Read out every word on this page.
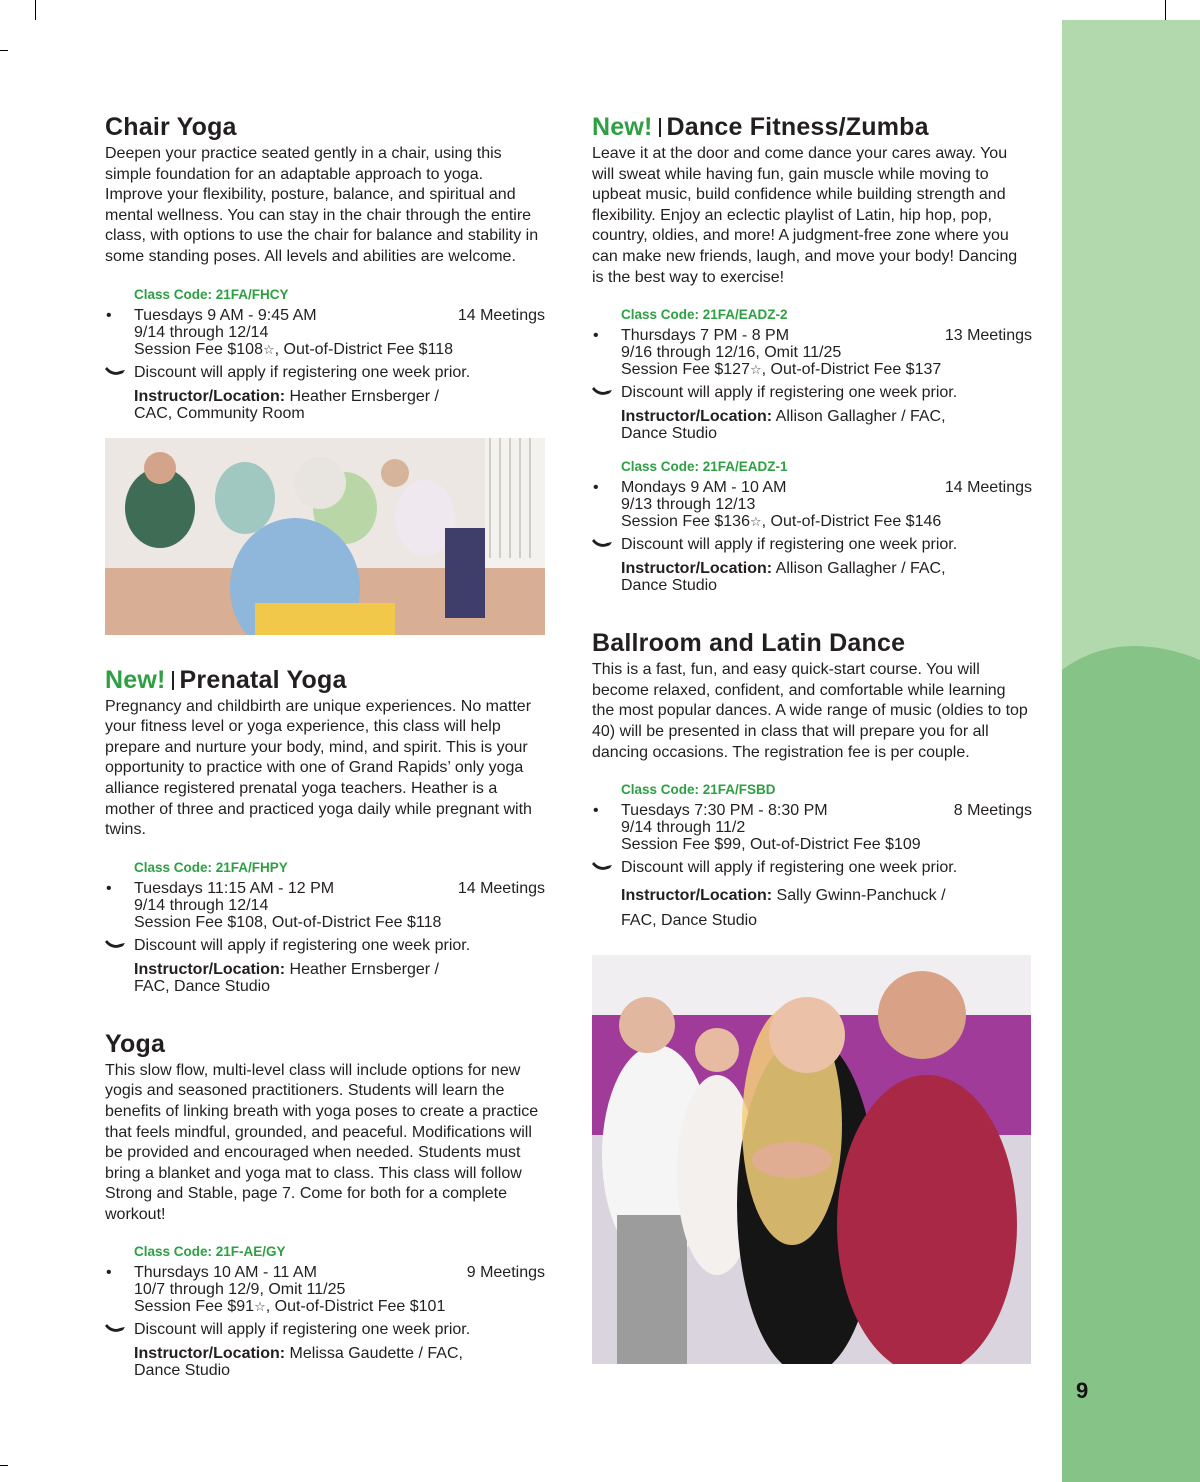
9
Chair Yoga

Deepen your practice seated gently in a chair, using this simple foundation for an adaptable approach to yoga. Improve your flexibility, posture, balance, and spiritual and mental wellness. You can stay in the chair through the entire class, with options to use the chair for balance and stability in some standing poses. All levels and abilities are welcome.

Class Code: 21FA/FHCY
• Tuesdays 9 AM - 9:45 AM	14 Meetings
9/14 through 12/14
Session Fee $108☆, Out-of-District Fee $118
Discount will apply if registering one week prior.
Instructor/Location: Heather Ernsberger /
CAC, Community Room
New! Prenatal Yoga

Pregnancy and childbirth are unique experiences. No matter your fitness level or yoga experience, this class will help prepare and nurture your body, mind, and spirit. This is your opportunity to practice with one of Grand Rapids’ only yoga alliance registered prenatal yoga teachers. Heather is a mother of three and practiced yoga daily while pregnant with twins.

Class Code: 21FA/FHPY
• Tuesdays 11:15 AM - 12 PM	14 Meetings
9/14 through 12/14
Session Fee $108, Out-of-District Fee $118
Discount will apply if registering one week prior.
Instructor/Location: Heather Ernsberger /
FAC, Dance Studio
Yoga

This slow flow, multi-level class will include options for new yogis and seasoned practitioners. Students will learn the benefits of linking breath with yoga poses to create a practice that feels mindful, grounded, and peaceful. Modifications will be provided and encouraged when needed. Students must bring a blanket and yoga mat to class. This class will follow Strong and Stable, page 7. Come for both for a complete workout!

Class Code: 21F-AE/GY
• Thursdays 10 AM - 11 AM	9 Meetings
10/7 through 12/9, Omit 11/25
Session Fee $91☆, Out-of-District Fee $101
Discount will apply if registering one week prior.
Instructor/Location: Melissa Gaudette / FAC,
Dance Studio
New! Dance Fitness/Zumba

Leave it at the door and come dance your cares away. You will sweat while having fun, gain muscle while moving to upbeat music, build confidence while building strength and flexibility. Enjoy an eclectic playlist of Latin, hip hop, pop, country, oldies, and more! A judgment-free zone where you can make new friends, laugh, and move your body! Dancing is the best way to exercise!

Class Code: 21FA/EADZ-2
• Thursdays 7 PM - 8 PM	13 Meetings
9/16 through 12/16, Omit 11/25
Session Fee $127☆, Out-of-District Fee $137
Discount will apply if registering one week prior.
Instructor/Location: Allison Gallagher / FAC,
Dance Studio
Class Code: 21FA/EADZ-1
• Mondays 9 AM - 10 AM	14 Meetings
9/13 through 12/13
Session Fee $136☆, Out-of-District Fee $146
Discount will apply if registering one week prior.
Instructor/Location: Allison Gallagher / FAC,
Dance Studio
Ballroom and Latin Dance

This is a fast, fun, and easy quick-start course. You will become relaxed, confident, and comfortable while learning the most popular dances. A wide range of music (oldies to top 40) will be presented in class that will prepare you for all dancing occasions. The registration fee is per couple.

Class Code: 21FA/FSBD
• Tuesdays 7:30 PM - 8:30 PM	8 Meetings
9/14 through 11/2
Session Fee $99, Out-of-District Fee $109
Discount will apply if registering one week prior.
Instructor/Location: Sally Gwinn-Panchuck /
FAC, Dance Studio
